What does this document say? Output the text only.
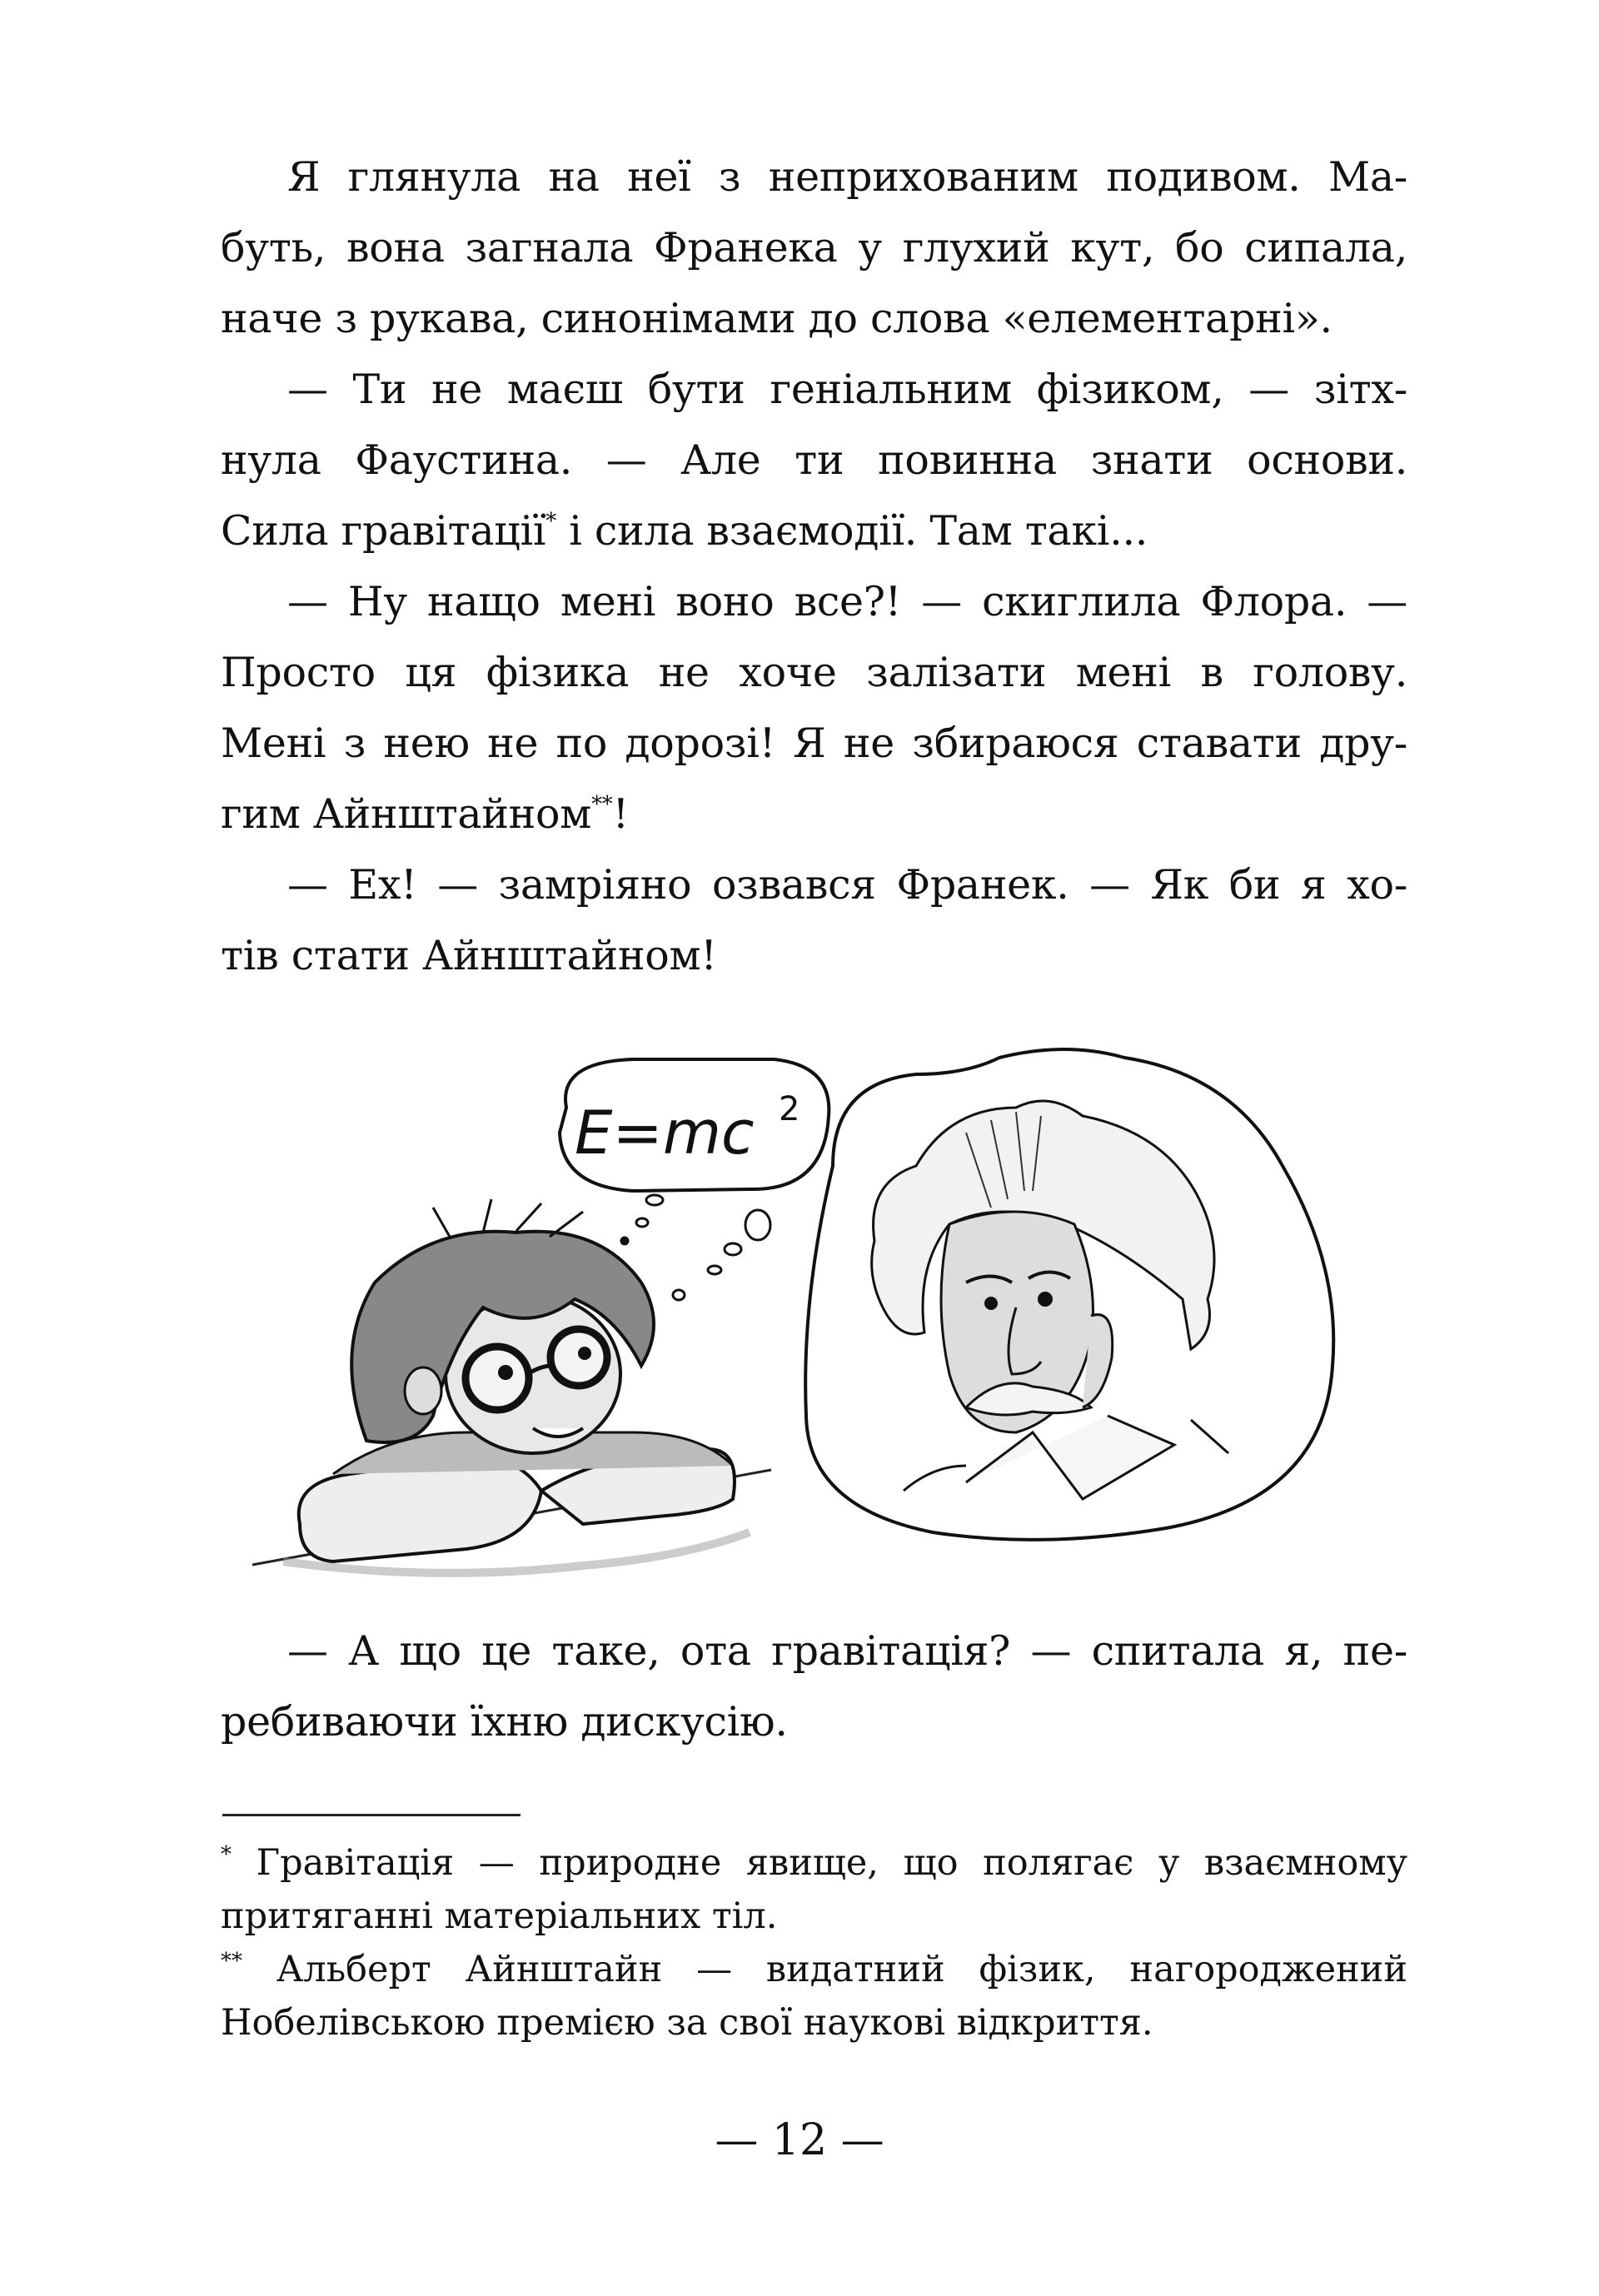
Я глянула на неї з неприхованим подивом. Ма-
буть, вона загнала Франека у глухий кут, бо сипала,
наче з рукава, синонімами до слова «елементарні».
— Ти не маєш бути геніальним фізиком, — зітх-
нула Фаустина. — Але ти повинна знати основи.
Сила гравітації* і сила взаємодії. Там такі...
— Ну нащо мені воно все?! — скиглила Флора. —
Просто ця фізика не хоче залізати мені в голову.
Мені з нею не по дорозі! Я не збираюся ставати дру-
гим Айнштайном**!
— Ех! — замріяно озвався Франек. — Як би я хо-
тів стати Айнштайном!
E=mc 2
— А що це таке, ота гравітація? — спитала я, пе-
ребиваючи їхню дискусію.
* Гравітація — природне явище, що полягає у взаємному
притяганні матеріальних тіл.
** Альберт Айнштайн — видатний фізик, нагороджений
Нобелівською премією за свої наукові відкриття.
— 12 —
